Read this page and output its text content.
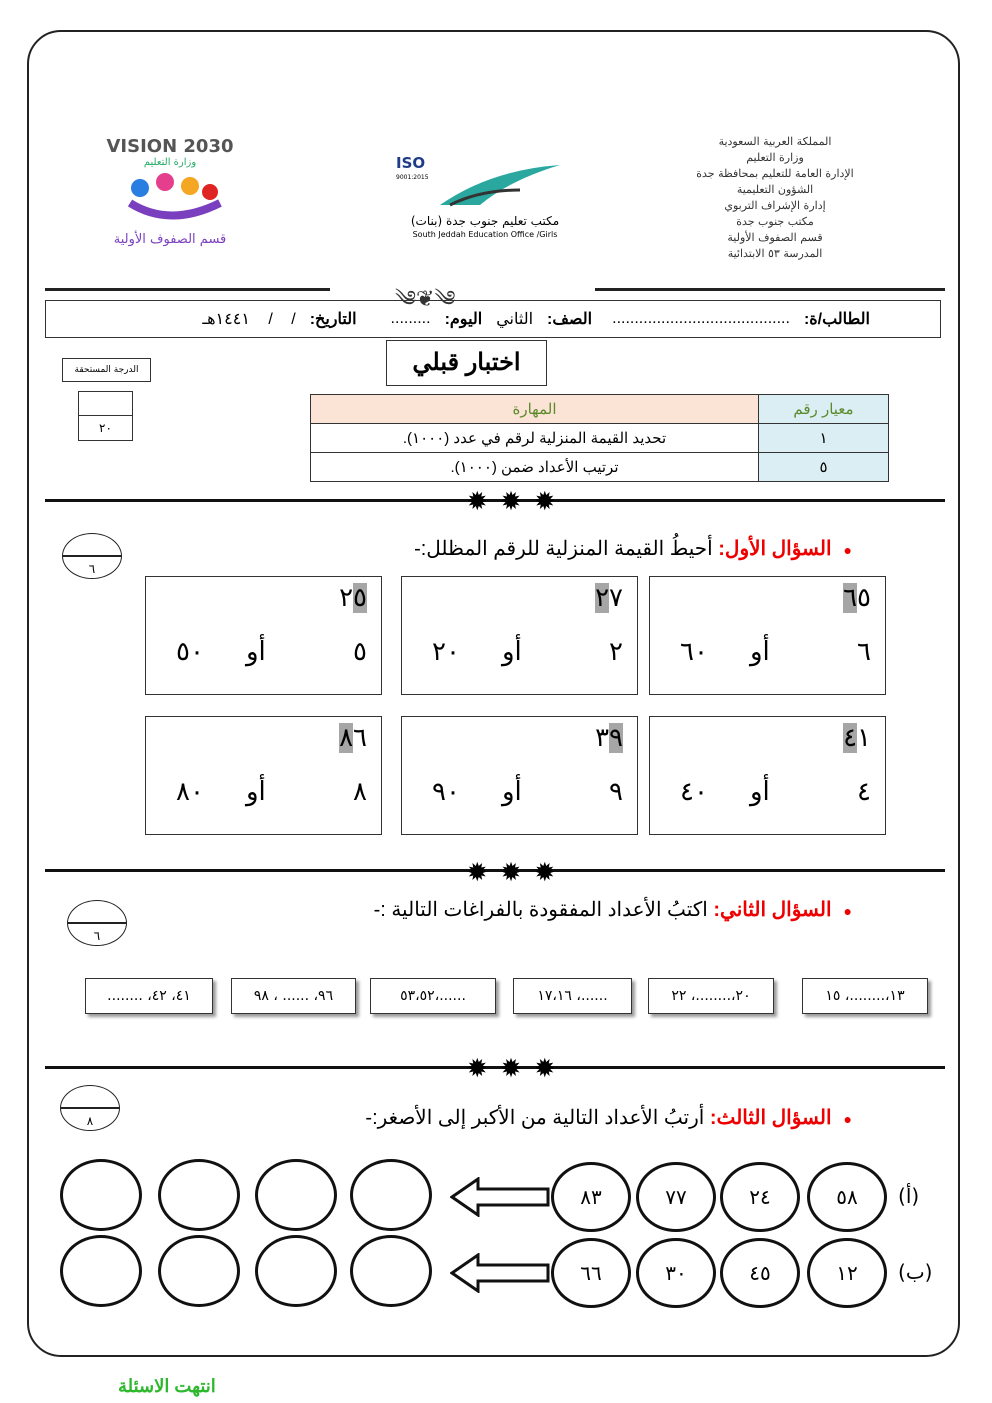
المملكة العربية السعودية
وزارة التعليم
الإدارة العامة للتعليم بمحافظة جدة
الشؤون التعليمية
إدارة الإشراف التربوي
مكتب جنوب جدة
قسم الصفوف الأولية
المدرسة ٥٣ الابتدائية
ISO
9001:2015
مكتب تعليم جنوب جدة (بنات)
South Jeddah Education Office /Girls
VISION 2030
وزارة التعليم
قسم الصفوف الأولية
༄❦༄
الطالب/ة:
........................................
الصف:
الثاني
اليوم:
.........
التاريخ:
/ / ١٤٤١هـ
اختبار قبلي
الدرجة المستحقة
٢٠
معيار رقم	المهارة
١	تحديد القيمة المنزلية لرقم في عدد (١٠٠٠).
٥	ترتيب الأعداد ضمن (١٠٠٠).
✹✹✹
✹✹✹
✹✹✹
●السؤال الأول: أحيطُ القيمة المنزلية للرقم المظلل:-
٦
٦٥
٦
أو
٦٠
٢٧
٢
أو
٢٠
٢٥
٥
أو
٥٠
٤١
٤
أو
٤٠
٣٩
٩
أو
٩٠
٨٦
٨
أو
٨٠
●السؤال الثاني: اكتبُ الأعداد المفقودة بالفراغات التالية :-
٦
١٣،........، ١٥
٢٠،........، ٢٢
......، ١٧،١٦
......،٥٣،٥٢
٩٦، ...... ، ٩٨
٤١، ٤٢، ........
●السؤال الثالث: أرتبُ الأعداد التالية من الأكبر إلى الأصغر:-
٨
(أ)
٥٨
٢٤
٧٧
٨٣
(ب)
١٢
٤٥
٣٠
٦٦
انتهت الاسئلة
